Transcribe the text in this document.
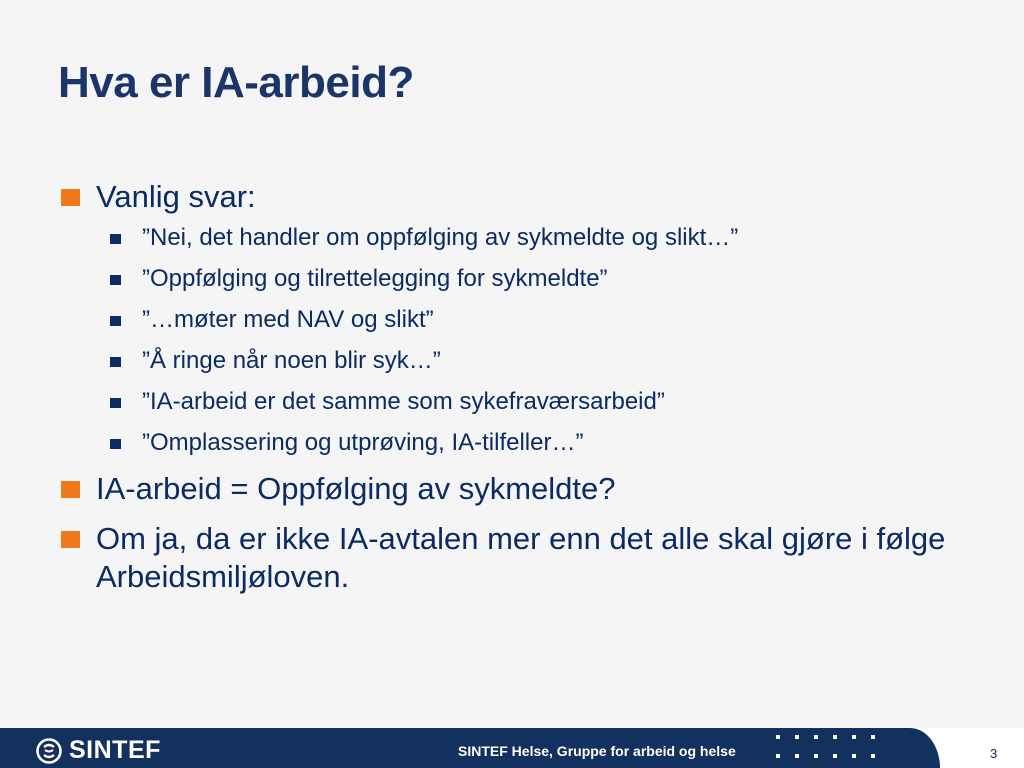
Hva er IA-arbeid?
Vanlig svar:
”Nei, det handler om oppfølging av sykmeldte og slikt…”
”Oppfølging og tilrettelegging for sykmeldte”
”…møter med NAV og slikt”
”Å ringe når noen blir syk…”
”IA-arbeid er det samme som sykefraværsarbeid”
”Omplassering og utprøving, IA-tilfeller…”
IA-arbeid = Oppfølging av sykmeldte?
Om ja, da er ikke IA-avtalen mer enn det alle skal gjøre i følge Arbeidsmiljøloven.
SINTEF	SINTEF Helse, Gruppe for arbeid og helse	3
